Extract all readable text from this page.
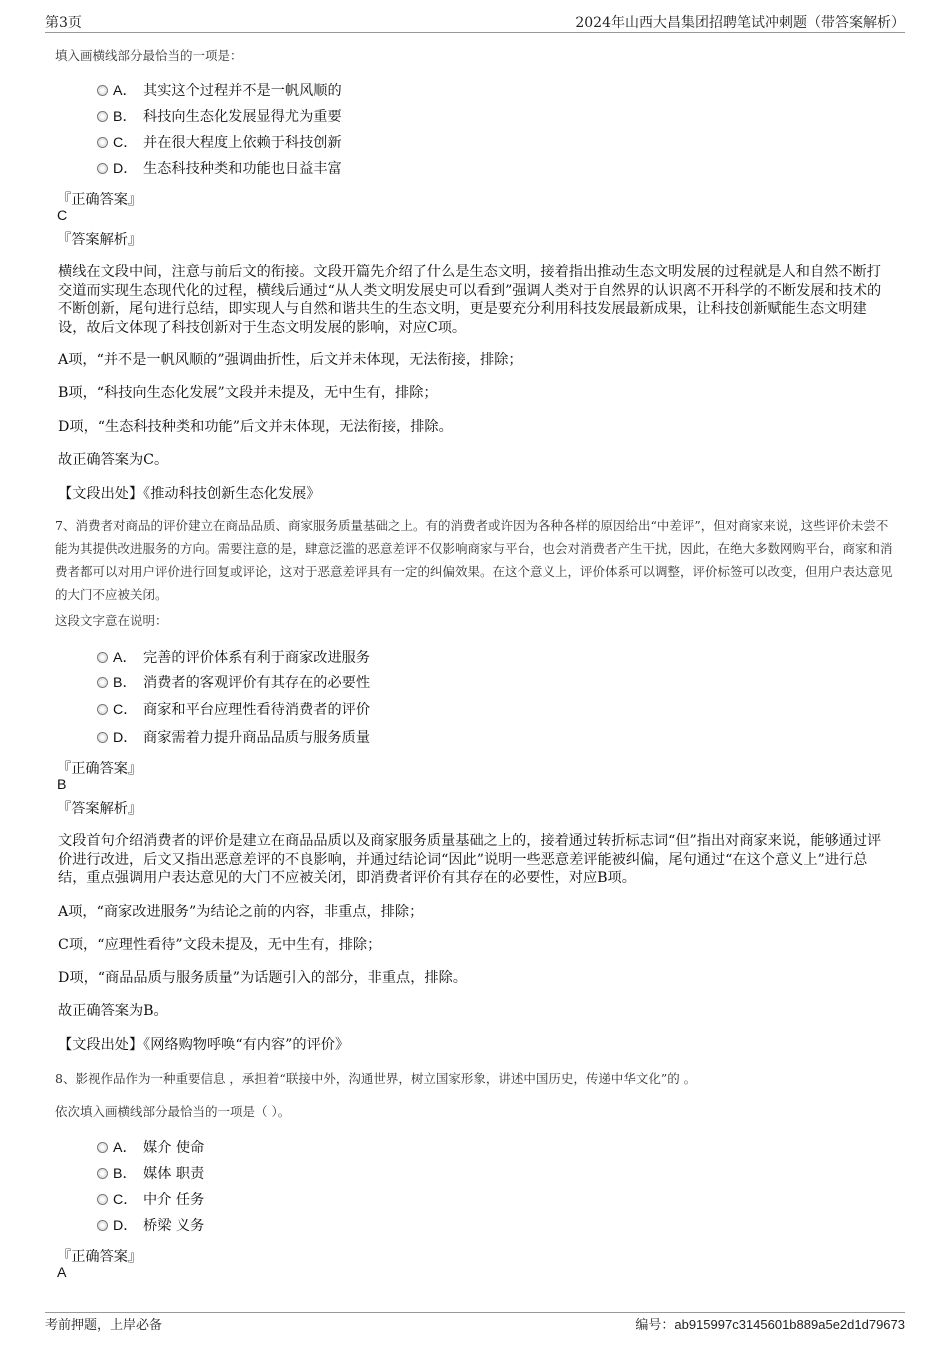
第3页	2024年山西大昌集团招聘笔试冲刺题（带答案解析）
填入画横线部分最恰当的一项是：
A． 其实这个过程并不是一帆风顺的
B． 科技向生态化发展显得尤为重要
C． 并在很大程度上依赖于科技创新
D． 生态科技种类和功能也日益丰富
『正确答案』
C
『答案解析』
横线在文段中间，注意与前后文的衔接。文段开篇先介绍了什么是生态文明，接着指出推动生态文明发展的过程就是人和自然不断打交道而实现生态现代化的过程，横线后通过“从人类文明发展史可以看到”强调人类对于自然界的认识离不开科学的不断发展和技术的不断创新，尾句进行总结，即实现人与自然和谐共生的生态文明，更是要充分利用科技发展最新成果，让科技创新赋能生态文明建设，故后文体现了科技创新对于生态文明发展的影响，对应C项。
A项，“并不是一帆风顺的”强调曲折性，后文并未体现，无法衔接，排除；
B项，“科技向生态化发展”文段并未提及，无中生有，排除；
D项，“生态科技种类和功能”后文并未体现，无法衔接，排除。
故正确答案为C。
【文段出处】《推动科技创新生态化发展》
7、消费者对商品的评价建立在商品品质、商家服务质量基础之上。有的消费者或许因为各种各样的原因给出“中差评”，但对商家来说，这些评价未尝不能为其提供改进服务的方向。需要注意的是，肆意泛滥的恶意差评不仅影响商家与平台，也会对消费者产生干扰，因此，在绝大多数网购平台，商家和消费者都可以对用户评价进行回复或评论，这对于恶意差评具有一定的纠偏效果。在这个意义上，评价体系可以调整，评价标签可以改变，但用户表达意见的大门不应被关闭。
这段文字意在说明：
A． 完善的评价体系有利于商家改进服务
B． 消费者的客观评价有其存在的必要性
C． 商家和平台应理性看待消费者的评价
D． 商家需着力提升商品品质与服务质量
『正确答案』
B
『答案解析』
文段首句介绍消费者的评价是建立在商品品质以及商家服务质量基础之上的，接着通过转折标志词“但”指出对商家来说，能够通过评价进行改进，后文又指出恶意差评的不良影响，并通过结论词“因此”说明一些恶意差评能被纠偏，尾句通过“在这个意义上”进行总结，重点强调用户表达意见的大门不应被关闭，即消费者评价有其存在的必要性，对应B项。
A项，“商家改进服务”为结论之前的内容，非重点，排除；
C项，“应理性看待”文段未提及，无中生有，排除；
D项，“商品品质与服务质量”为话题引入的部分，非重点，排除。
故正确答案为B。
【文段出处】《网络购物呼唤“有内容”的评价》
8、影视作品作为一种重要信息 ，承担着“联接中外，沟通世界，树立国家形象，讲述中国历史，传递中华文化”的 。
依次填入画横线部分最恰当的一项是（ ）。
A． 媒介 使命
B． 媒体 职责
C． 中介 任务
D． 桥梁 义务
『正确答案』
A
考前押题，上岸必备	编号：ab915997c3145601b889a5e2d1d79673
